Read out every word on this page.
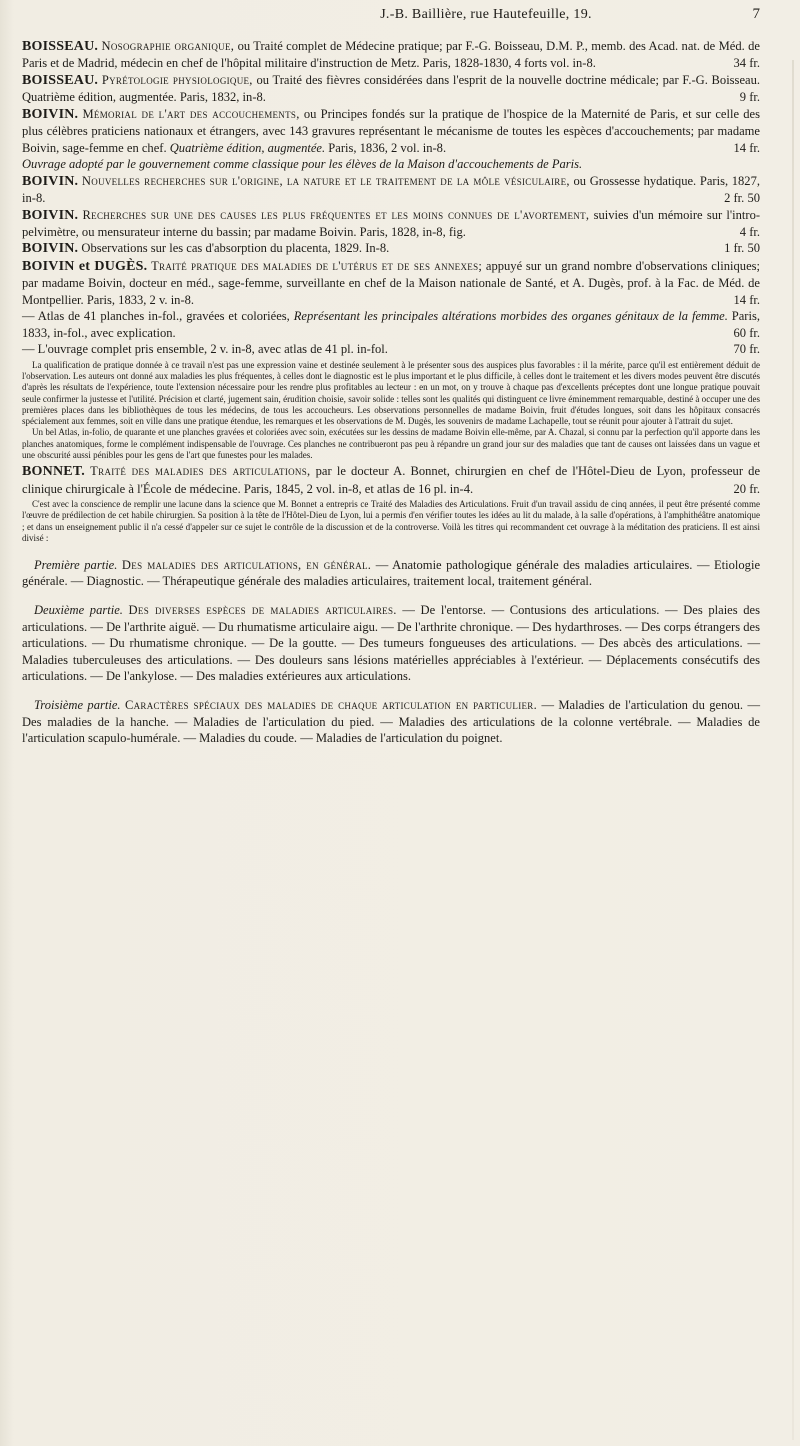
J.-B. Baillière, rue Hautefeuille, 19.	7

BOISSEAU. Nosographie organique, ou Traité complet de Médecine pratique; par F.-G. Boisseau, D.M. P., memb. des Acad. nat. de Méd. de Paris et de Madrid, médecin en chef de l'hôpital militaire d'instruction de Metz. Paris, 1828-1830, 4 forts vol. in-8.	34 fr.

BOISSEAU. Pyrétologie physiologique, ou Traité des fièvres considérées dans l'esprit de la nouvelle doctrine médicale; par F.-G. Boisseau. Quatrième édition, augmentée. Paris, 1832, in-8.	9 fr.

BOIVIN. Mémorial de l'art des accouchements, ou Principes fondés sur la pratique de l'hospice de la Maternité de Paris, et sur celle des plus célèbres praticiens nationaux et étrangers, avec 143 gravures représentant le mécanisme de toutes les espèces d'accouchements; par madame Boivin, sage-femme en chef. Quatrième édition, augmentée. Paris, 1836, 2 vol. in-8.	14 fr.

Ouvrage adopté par le gouvernement comme classique pour les élèves de la Maison d'accouchements de Paris.

BOIVIN. Nouvelles recherches sur l'origine, la nature et le traitement de la môle vésiculaire, ou Grossesse hydatique. Paris, 1827, in-8.	2 fr. 50

BOIVIN. Recherches sur une des causes les plus fréquentes et les moins connues de l'avortement, suivies d'un mémoire sur l'intro-pelvimètre, ou mensurateur interne du bassin; par madame Boivin. Paris, 1828, in-8, fig.	4 fr.

BOIVIN. Observations sur les cas d'absorption du placenta, 1829. In-8.	1 fr. 50

BOIVIN et DUGÈS. Traité pratique des maladies de l'utérus et de ses annexes; appuyé sur un grand nombre d'observations cliniques; par madame Boivin, docteur en méd., sage-femme, surveillante en chef de la Maison nationale de Santé, et A. Dugès, prof. à la Fac. de Méd. de Montpellier. Paris, 1833, 2 v. in-8.	14 fr.

— Atlas de 41 planches in-fol., gravées et coloriées, Représentant les principales altérations morbides des organes génitaux de la femme. Paris, 1833, in-fol., avec explication.	60 fr.

— L'ouvrage complet pris ensemble, 2 v. in-8, avec atlas de 41 pl. in-fol.	70 fr.

La qualification de pratique donnée à ce travail n'est pas une expression vaine et destinée seulement à le présenter sous des auspices plus favorables : il la mérite, parce qu'il est entièrement déduit de l'observation. Les auteurs ont donné aux maladies les plus fréquentes, à celles dont le diagnostic est le plus important et le plus difficile, à celles dont le traitement et les divers modes peuvent être discutés d'après les résultats de l'expérience, toute l'extension nécessaire pour les rendre plus profitables au lecteur : en un mot, on y trouve à chaque pas d'excellents préceptes dont une longue pratique pouvait seule confirmer la justesse et l'utilité. Précision et clarté, jugement sain, érudition choisie, savoir solide : telles sont les qualités qui distinguent ce livre éminemment remarquable, destiné à occuper une des premières places dans les bibliothèques de tous les médecins, de tous les accoucheurs. Les observations personnelles de madame Boivin, fruit d'études longues, soit dans les hôpitaux consacrés spécialement aux femmes, soit en ville dans une pratique étendue, les remarques et les observations de M. Dugès, les souvenirs de madame Lachapelle, tout se réunit pour ajouter à l'attrait du sujet.

Un bel Atlas, in-folio, de quarante et une planches gravées et coloriées avec soin, exécutées sur les dessins de madame Boivin elle-même, par A. Chazal, si connu par la perfection qu'il apporte dans les planches anatomiques, forme le complément indispensable de l'ouvrage. Ces planches ne contribueront pas peu à répandre un grand jour sur des maladies que tant de causes ont laissées dans un vague et une obscurité aussi pénibles pour les gens de l'art que funestes pour les malades.

BONNET. Traité des maladies des articulations, par le docteur A. Bonnet, chirurgien en chef de l'Hôtel-Dieu de Lyon, professeur de clinique chirurgicale à l'École de médecine. Paris, 1845, 2 vol. in-8, et atlas de 16 pl. in-4.	20 fr.

C'est avec la conscience de remplir une lacune dans la science que M. Bonnet a entrepris ce Traité des Maladies des Articulations. Fruit d'un travail assidu de cinq années, il peut être présenté comme l'œuvre de prédilection de cet habile chirurgien. Sa position à la tête de l'Hôtel-Dieu de Lyon, lui a permis d'en vérifier toutes les idées au lit du malade, à la salle d'opérations, à l'amphithéâtre anatomique ; et dans un enseignement public il n'a cessé d'appeler sur ce sujet le contrôle de la discussion et de la controverse. Voilà les titres qui recommandent cet ouvrage à la méditation des praticiens. Il est ainsi divisé :

Première partie. Des maladies des articulations, en général. — Anatomie pathologique générale des maladies articulaires. — Etiologie générale. — Diagnostic. — Thérapeutique générale des maladies articulaires, traitement local, traitement général.

Deuxième partie. Des diverses espèces de maladies articulaires. — De l'entorse. — Contusions des articulations. — Des plaies des articulations. — De l'arthrite aiguë. — Du rhumatisme articulaire aigu. — De l'arthrite chronique. — Des hydarthroses. — Des corps étrangers des articulations. — Du rhumatisme chronique. — De la goutte. — Des tumeurs fongueuses des articulations. — Des abcès des articulations. — Maladies tuberculeuses des articulations. — Des douleurs sans lésions matérielles appréciables à l'extérieur. — Déplacements consécutifs des articulations. — De l'ankylose. — Des maladies extérieures aux articulations.

Troisième partie. Caractères spéciaux des maladies de chaque articulation en particulier. — Maladies de l'articulation du genou. — Des maladies de la hanche. — Maladies de l'articulation du pied. — Maladies des articulations de la colonne vertébrale. — Maladies de l'articulation scapulo-humérale. — Maladies du coude. — Maladies de l'articulation du poignet.
